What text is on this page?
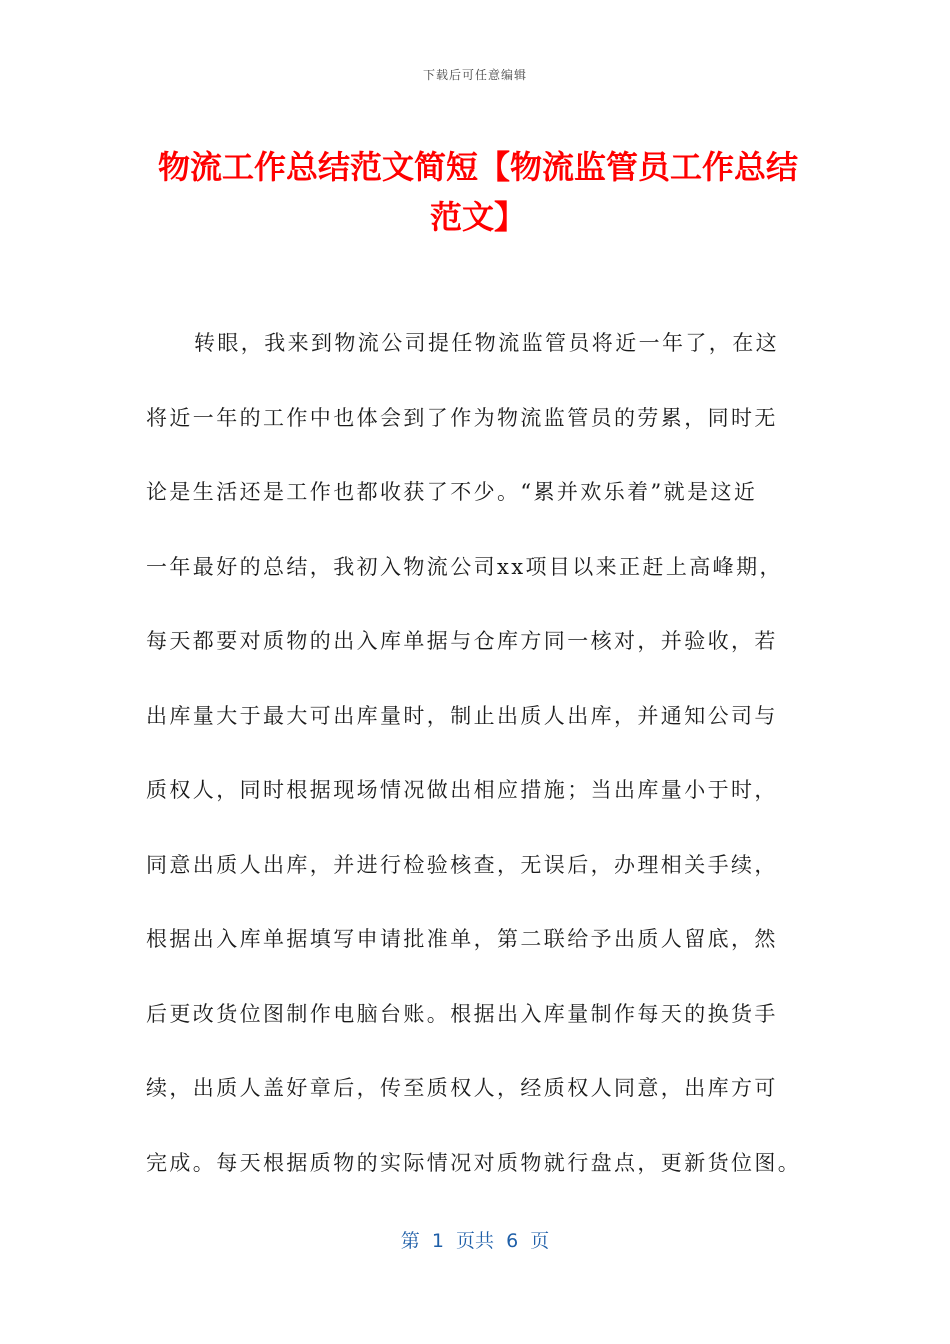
下载后可任意编辑
物流工作总结范文简短【物流监管员工作总结范文】
转眼，我来到物流公司提任物流监管员将近一年了，在这
将近一年的工作中也体会到了作为物流监管员的劳累，同时无
论是生活还是工作也都收获了不少。“累并欢乐着”就是这近
一年最好的总结，我初入物流公司xx项目以来正赶上高峰期，
每天都要对质物的出入库单据与仓库方同一核对，并验收，若
出库量大于最大可出库量时，制止出质人出库，并通知公司与
质权人，同时根据现场情况做出相应措施；当出库量小于时，
同意出质人出库，并进行检验核查，无误后，办理相关手续，
根据出入库单据填写申请批准单，第二联给予出质人留底，然
后更改货位图制作电脑台账。根据出入库量制作每天的换货手
续，出质人盖好章后，传至质权人，经质权人同意，出库方可
完成。每天根据质物的实际情况对质物就行盘点，更新货位图。
第  1  页共  6  页
